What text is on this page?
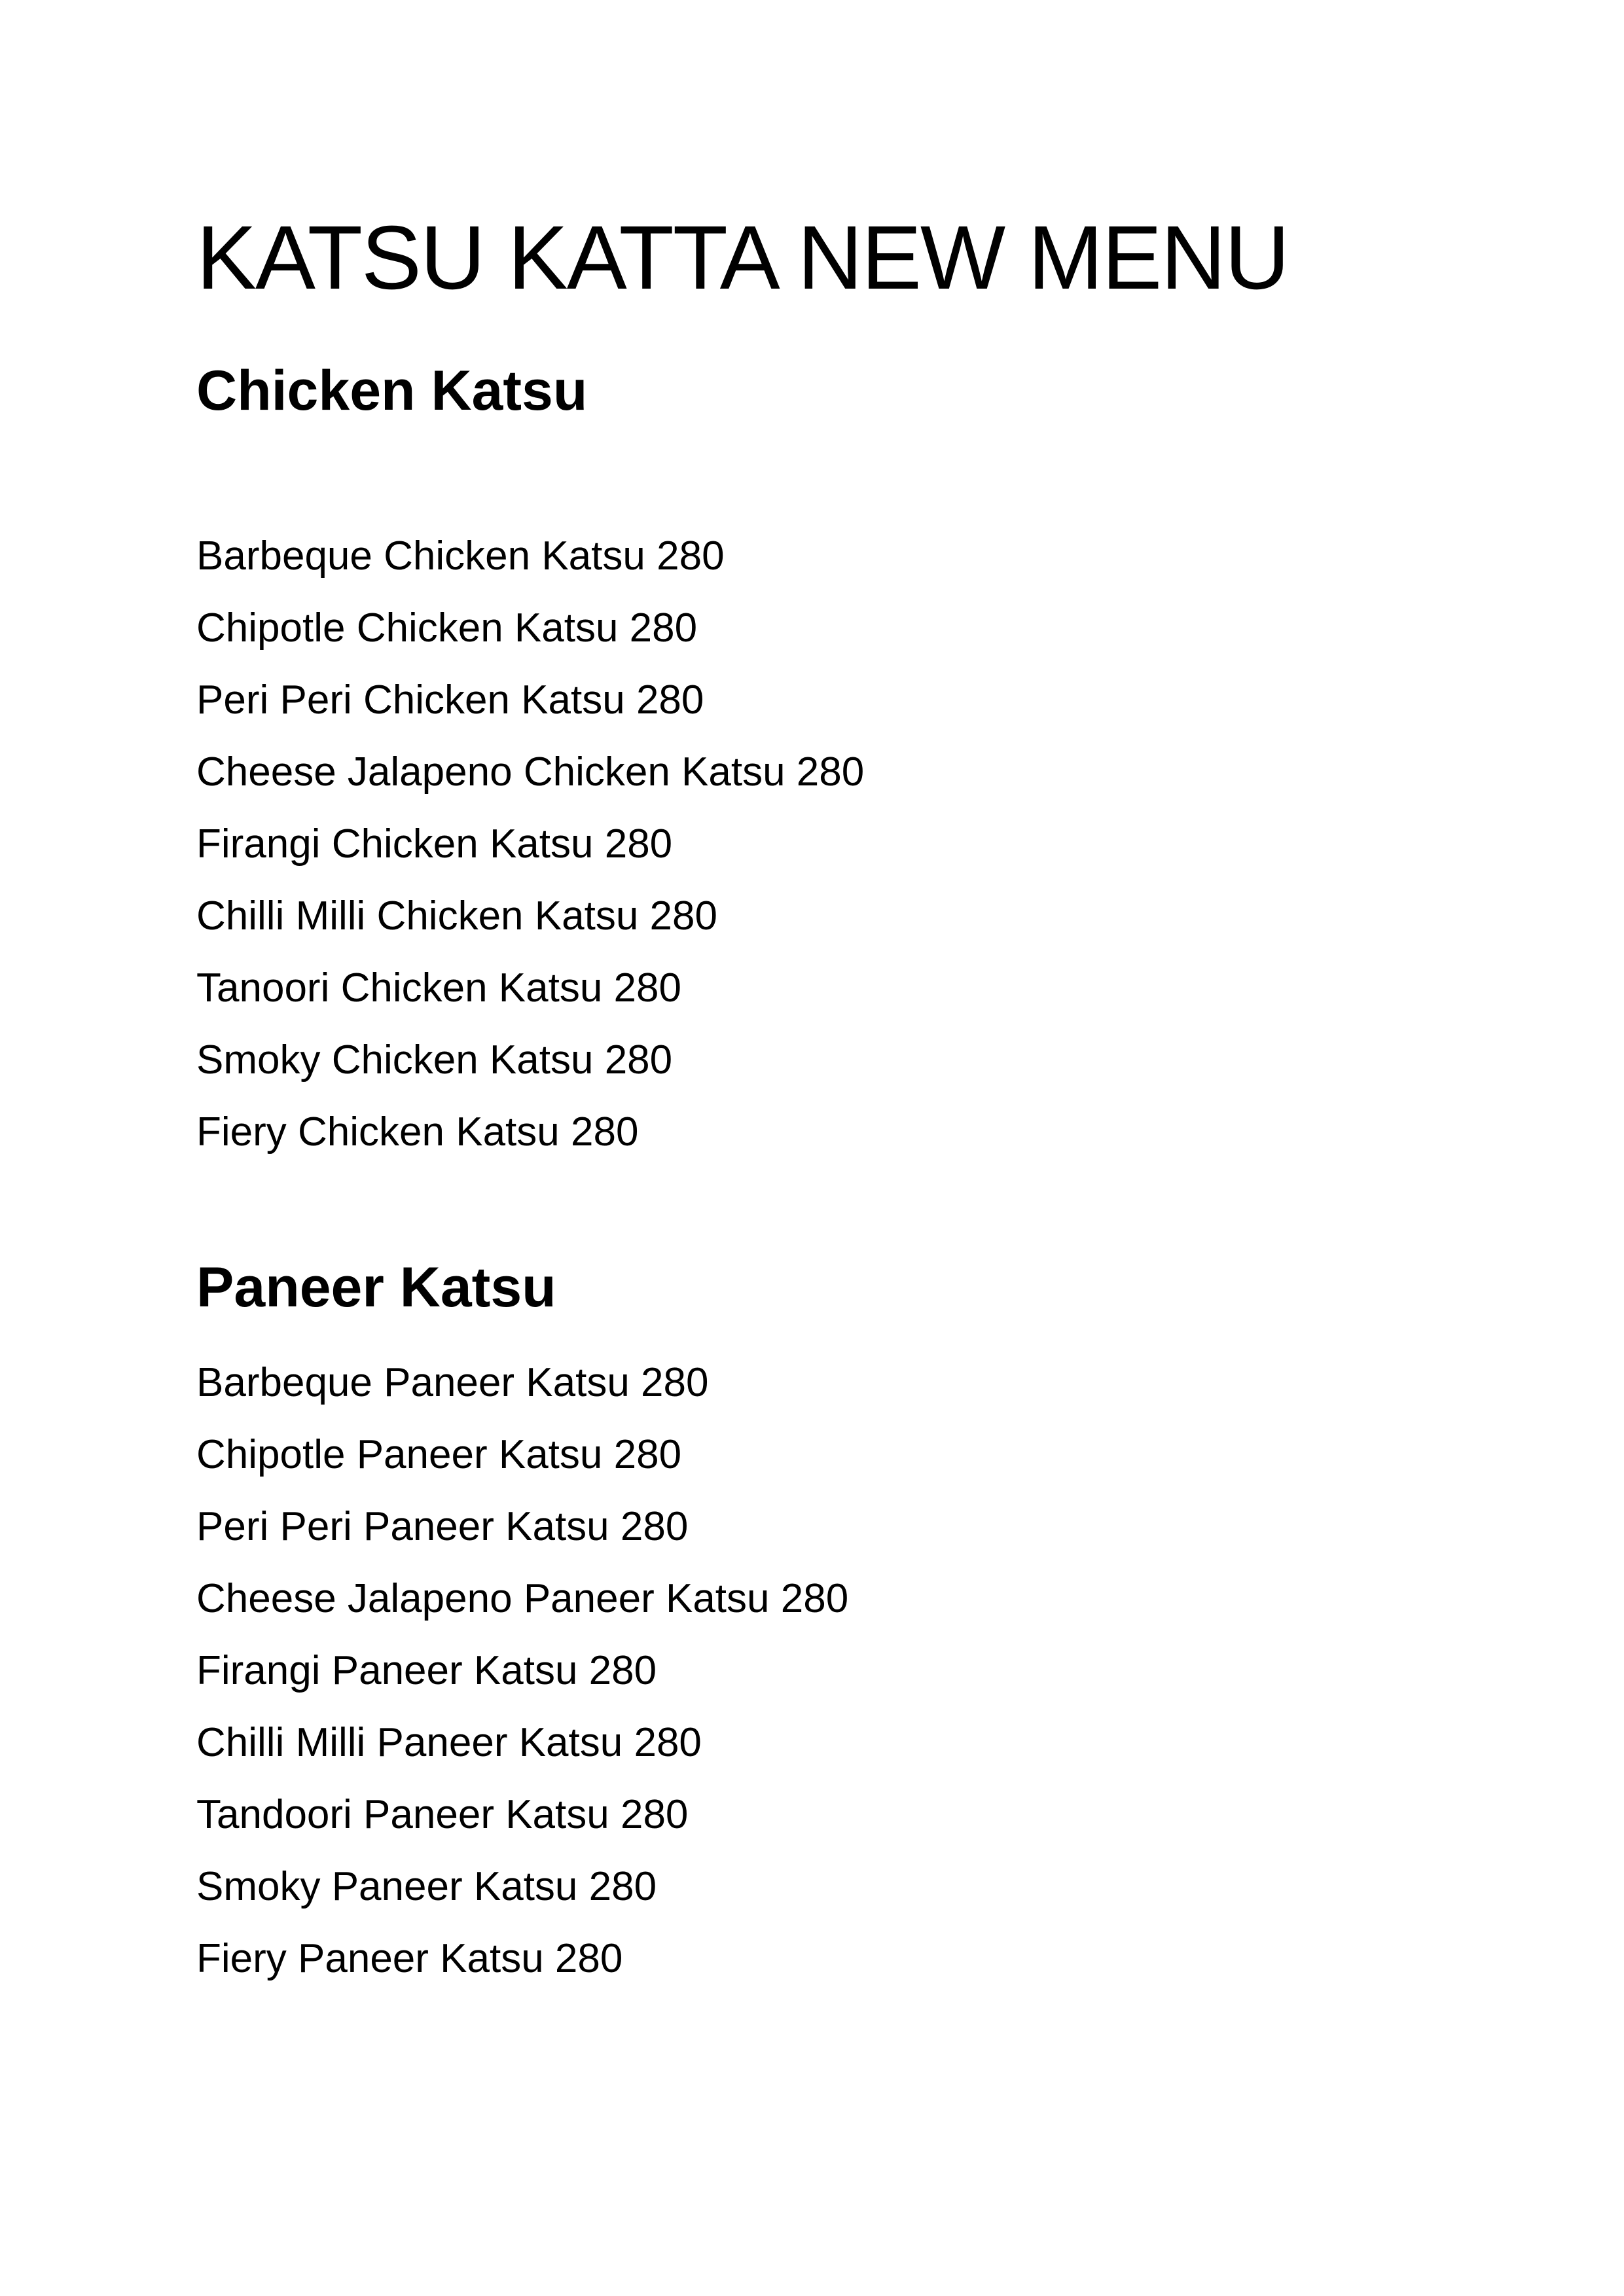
KATSU KATTA NEW MENU
Chicken Katsu
Barbeque Chicken Katsu 280
Chipotle Chicken Katsu 280
Peri Peri Chicken Katsu 280
Cheese Jalapeno Chicken Katsu 280
Firangi Chicken Katsu 280
Chilli Milli Chicken Katsu 280
Tanoori Chicken Katsu 280
Smoky Chicken Katsu 280
Fiery Chicken Katsu 280
Paneer Katsu
Barbeque Paneer Katsu 280
Chipotle Paneer Katsu 280
Peri Peri Paneer Katsu 280
Cheese Jalapeno Paneer Katsu 280
Firangi Paneer Katsu 280
Chilli Milli Paneer Katsu 280
Tandoori Paneer Katsu 280
Smoky Paneer Katsu 280
Fiery Paneer Katsu 280
